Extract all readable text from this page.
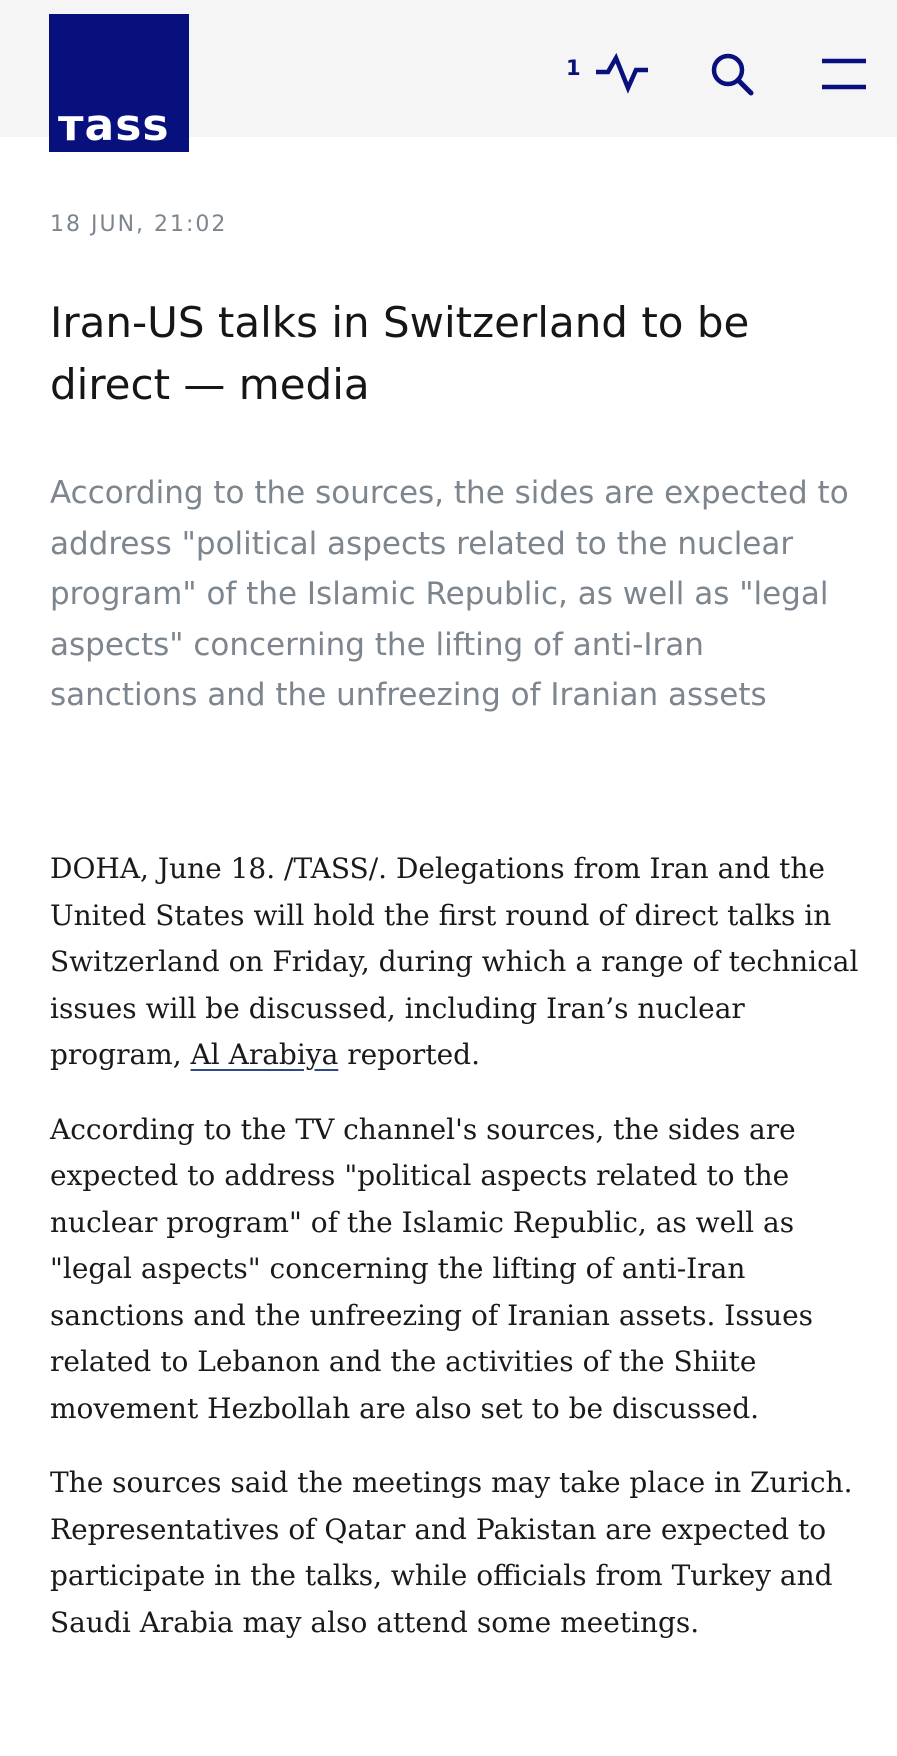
тass
1
18 JUN, 21:02
Iran-US talks in Switzerland to be direct — media
According to the sources, the sides are expected to address "political aspects related to the nuclear program" of the Islamic Republic, as well as "legal aspects" concerning the lifting of anti-Iran sanctions and the unfreezing of Iranian assets

DOHA, June 18. /TASS/. Delegations from Iran and the United States will hold the first round of direct talks in Switzerland on Friday, during which a range of technical issues will be discussed, including Iran’s nuclear program, Al Arabiya reported.

According to the TV channel's sources, the sides are expected to address "political aspects related to the nuclear program" of the Islamic Republic, as well as "legal aspects" concerning the lifting of anti-Iran sanctions and the unfreezing of Iranian assets. Issues related to Lebanon and the activities of the Shiite movement Hezbollah are also set to be discussed.

The sources said the meetings may take place in Zurich. Representatives of Qatar and Pakistan are expected to participate in the talks, while officials from Turkey and Saudi Arabia may also attend some meetings.
